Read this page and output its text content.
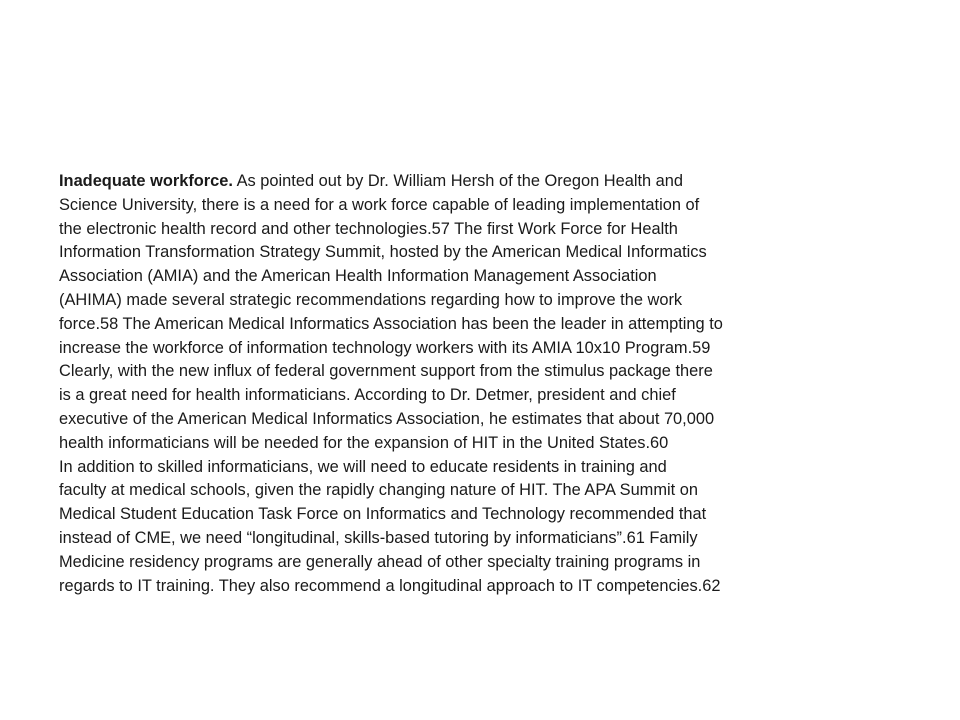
Inadequate workforce. As pointed out by Dr. William Hersh of the Oregon Health and
Science University, there is a need for a work force capable of leading implementation of
the electronic health record and other technologies.57 The first Work Force for Health
Information Transformation Strategy Summit, hosted by the American Medical Informatics
Association (AMIA) and the American Health Information Management Association
(AHIMA) made several strategic recommendations regarding how to improve the work
force.58 The American Medical Informatics Association has been the leader in attempting to
increase the workforce of information technology workers with its AMIA 10x10 Program.59
Clearly, with the new influx of federal government support from the stimulus package there
is a great need for health informaticians. According to Dr. Detmer, president and chief
executive of the American Medical Informatics Association, he estimates that about 70,000
health informaticians will be needed for the expansion of HIT in the United States.60
In addition to skilled informaticians, we will need to educate residents in training and
faculty at medical schools, given the rapidly changing nature of HIT. The APA Summit on
Medical Student Education Task Force on Informatics and Technology recommended that
instead of CME, we need “longitudinal, skills-based tutoring by informaticians”.61 Family
Medicine residency programs are generally ahead of other specialty training programs in
regards to IT training. They also recommend a longitudinal approach to IT competencies.62
